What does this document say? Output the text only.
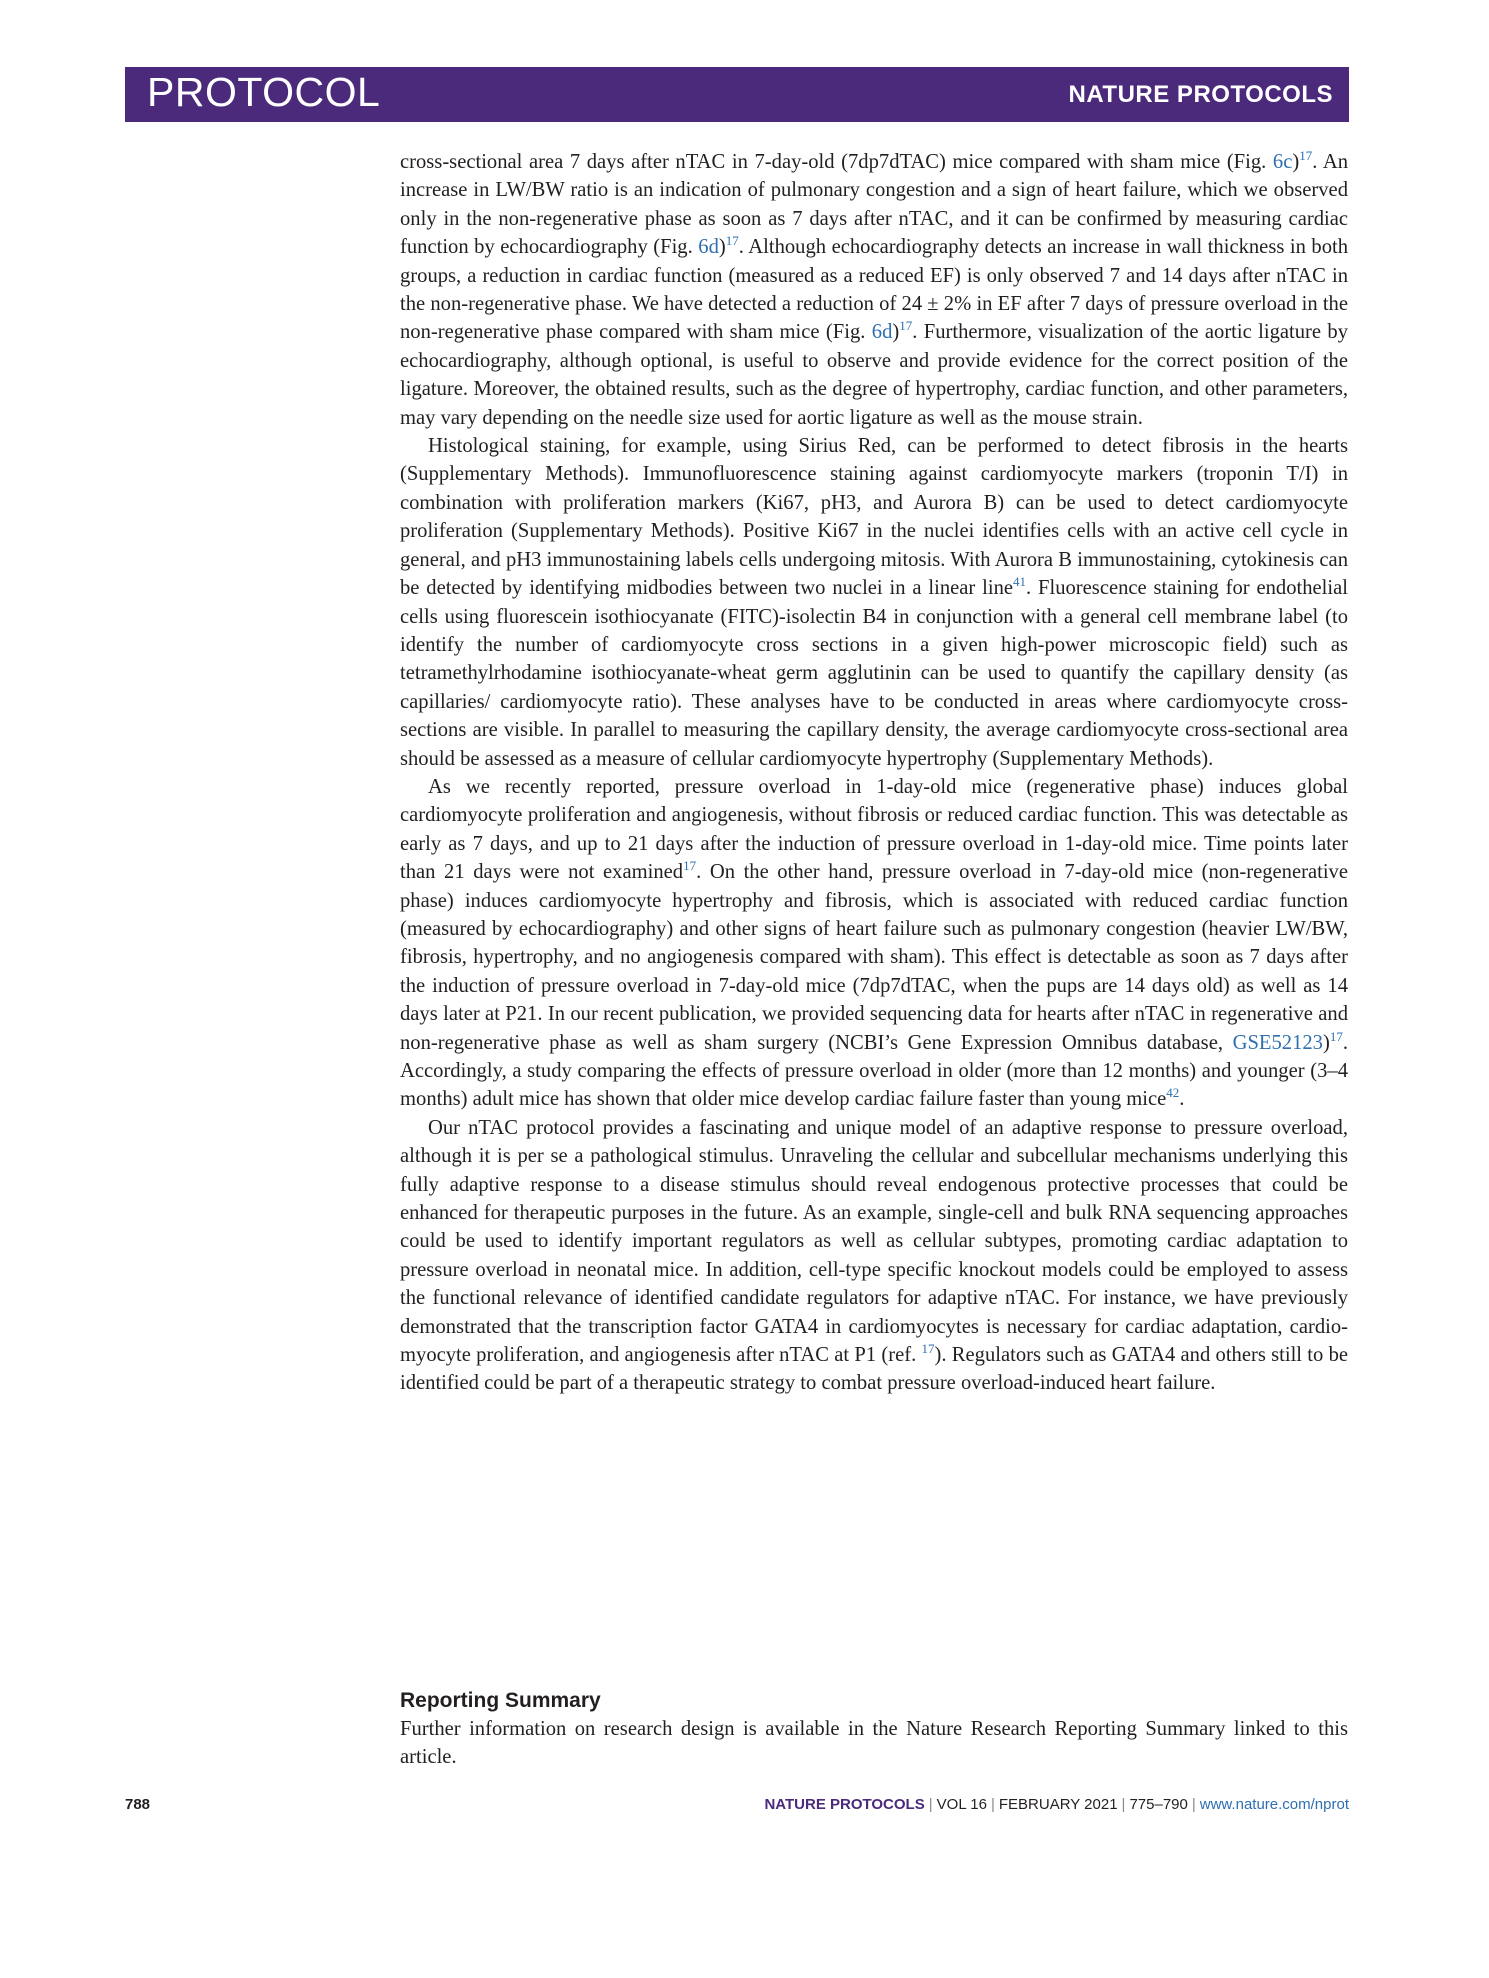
PROTOCOL	NATURE PROTOCOLS

cross-sectional area 7 days after nTAC in 7-day-old (7dp7dTAC) mice compared with sham mice (Fig. 6c)$^{17}$. An increase in LW/BW ratio is an indication of pulmonary congestion and a sign of heart failure, which we observed only in the non-regenerative phase as soon as 7 days after nTAC, and it can be confirmed by measuring cardiac function by echocardiography (Fig. 6d)$^{17}$. Although echocardiography detects an increase in wall thickness in both groups, a reduction in cardiac function (measured as a reduced EF) is only observed 7 and 14 days after nTAC in the non-regenerative phase. We have detected a reduction of 24 ± 2% in EF after 7 days of pressure overload in the non-regenerative phase compared with sham mice (Fig. 6d)$^{17}$. Furthermore, visualization of the aortic ligature by echocardiography, although optional, is useful to observe and provide evidence for the correct position of the ligature. Moreover, the obtained results, such as the degree of hypertrophy, cardiac function, and other parameters, may vary depending on the needle size used for aortic ligature as well as the mouse strain.

Histological staining, for example, using Sirius Red, can be performed to detect fibrosis in the hearts (Supplementary Methods). Immunofluorescence staining against cardiomyocyte markers (troponin T/I) in combination with proliferation markers (Ki67, pH3, and Aurora B) can be used to detect cardiomyocyte proliferation (Supplementary Methods). Positive Ki67 in the nuclei identifies cells with an active cell cycle in general, and pH3 immunostaining labels cells undergoing mitosis. With Aurora B immunostaining, cytokinesis can be detected by identifying midbodies between two nuclei in a linear line$^{41}$. Fluorescence staining for endothelial cells using fluorescein isothiocyanate (FITC)-isolectin B4 in conjunction with a general cell membrane label (to identify the number of cardiomyocyte cross sections in a given high-power microscopic field) such as tetramethylrhodamine isothiocyanate-wheat germ agglutinin can be used to quantify the capillary density (as capillaries/ cardiomyocyte ratio). These analyses have to be conducted in areas where cardiomyocyte cross-sections are visible. In parallel to measuring the capillary density, the average cardiomyocyte cross-sectional area should be assessed as a measure of cellular cardiomyocyte hypertrophy (Supplementary Methods).

As we recently reported, pressure overload in 1-day-old mice (regenerative phase) induces global cardiomyocyte proliferation and angiogenesis, without fibrosis or reduced cardiac function. This was detectable as early as 7 days, and up to 21 days after the induction of pressure overload in 1-day-old mice. Time points later than 21 days were not examined$^{17}$. On the other hand, pressure overload in 7-day-old mice (non-regenerative phase) induces cardiomyocyte hypertrophy and fibrosis, which is associated with reduced cardiac function (measured by echocardiography) and other signs of heart failure such as pulmonary congestion (heavier LW/BW, fibrosis, hypertrophy, and no angiogenesis compared with sham). This effect is detectable as soon as 7 days after the induction of pressure overload in 7-day-old mice (7dp7dTAC, when the pups are 14 days old) as well as 14 days later at P21. In our recent publication, we provided sequencing data for hearts after nTAC in regenerative and non-regenerative phase as well as sham surgery (NCBI’s Gene Expression Omnibus database, GSE52123)$^{17}$. Accordingly, a study comparing the effects of pressure overload in older (more than 12 months) and younger (3–4 months) adult mice has shown that older mice develop cardiac failure faster than young mice$^{42}$.

Our nTAC protocol provides a fascinating and unique model of an adaptive response to pressure overload, although it is per se a pathological stimulus. Unraveling the cellular and subcellular mechanisms underlying this fully adaptive response to a disease stimulus should reveal endogenous protective processes that could be enhanced for therapeutic purposes in the future. As an example, single-cell and bulk RNA sequencing approaches could be used to identify important regulators as well as cellular subtypes, promoting cardiac adaptation to pressure overload in neonatal mice. In addition, cell-type specific knockout models could be employed to assess the functional relevance of identified candidate regulators for adaptive nTAC. For instance, we have previously demonstrated that the transcription factor GATA4 in cardiomyocytes is necessary for cardiac adaptation, cardio-myocyte proliferation, and angiogenesis after nTAC at P1 (ref. $^{17}$). Regulators such as GATA4 and others still to be identified could be part of a therapeutic strategy to combat pressure overload-induced heart failure.

Reporting Summary

Further information on research design is available in the Nature Research Reporting Summary linked to this article.

788	NATURE PROTOCOLS | VOL 16 | FEBRUARY 2021 | 775–790 | www.nature.com/nprot
